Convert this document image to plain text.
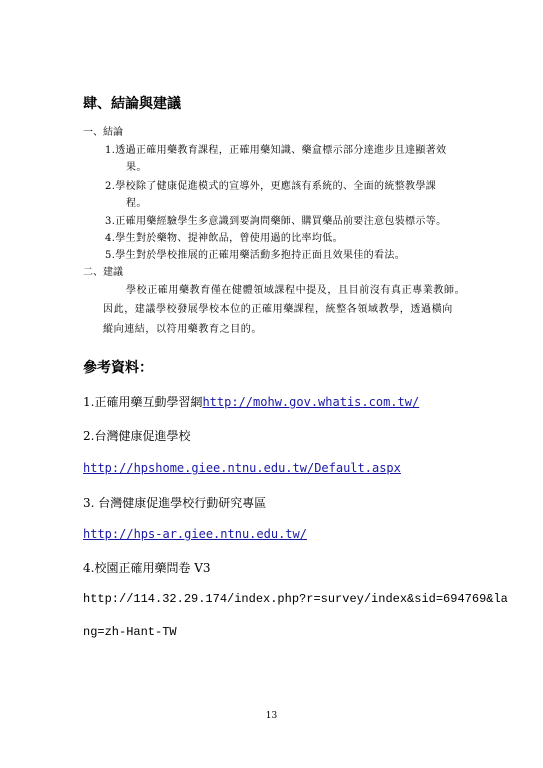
肆、結論與建議
一、結論
1.透過正確用藥教育課程，正確用藥知識、藥盒標示部分達進步且達顯著效
果。
2.學校除了健康促進模式的宣導外，更應該有系統的、全面的統整教學課
程。
3.正確用藥經驗學生多意識到要詢問藥師、購買藥品前要注意包裝標示等。
4.學生對於藥物、提神飲品，曾使用過的比率均低。
5.學生對於學校推展的正確用藥活動多抱持正面且效果佳的看法。
二、建議
學校正確用藥教育僅在健體領域課程中提及，且目前沒有真正專業教師。
因此，建議學校發展學校本位的正確用藥課程，統整各領域教學，透過橫向
縱向連結，以符用藥教育之目的。
參考資料：
1.正確用藥互動學習網http://mohw.gov.whatis.com.tw/
2.台灣健康促進學校
http://hpshome.giee.ntnu.edu.tw/Default.aspx
3. 台灣健康促進學校行動研究專區
http://hps-ar.giee.ntnu.edu.tw/
4.校園正確用藥問卷 V3
http://114.32.29.174/index.php?r=survey/index&sid=694769&la
ng=zh-Hant-TW
13
